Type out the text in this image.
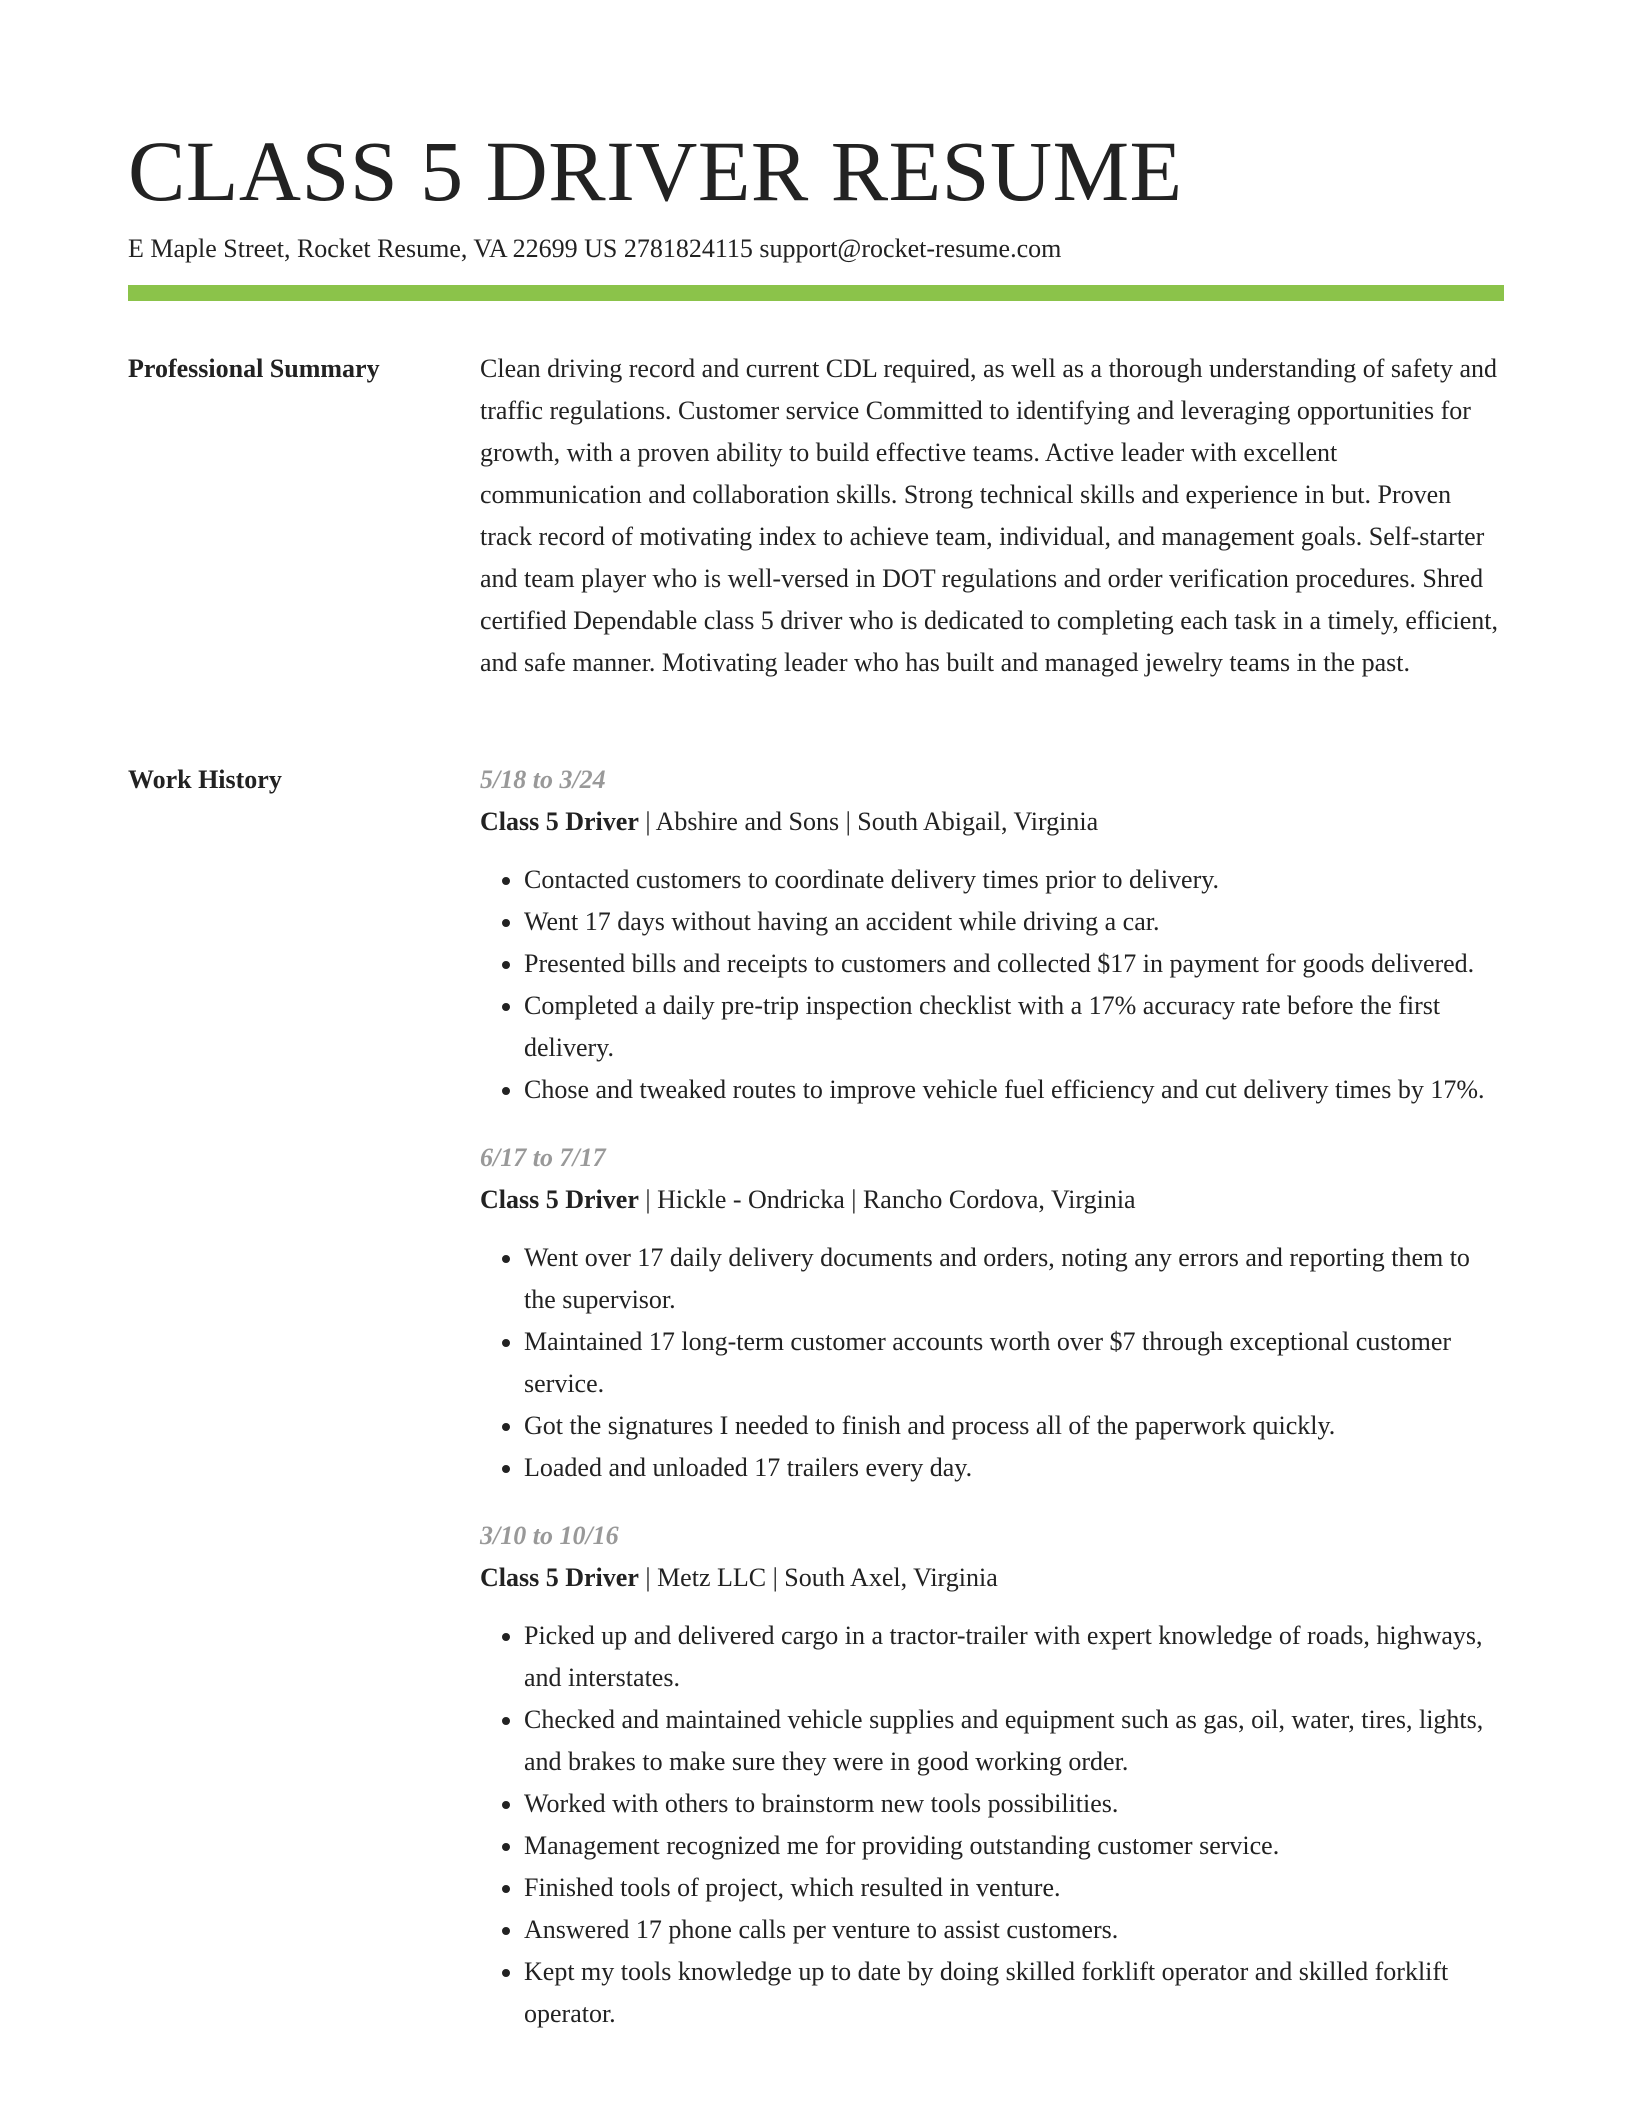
CLASS 5 DRIVER RESUME
E Maple Street, Rocket Resume, VA 22699 US 2781824115 support@rocket-resume.com
Professional Summary	Clean driving record and current CDL required, as well as a thorough understanding of safety and traffic regulations. Customer service Committed to identifying and leveraging opportunities for growth, with a proven ability to build effective teams. Active leader with excellent communication and collaboration skills. Strong technical skills and experience in but. Proven track record of motivating index to achieve team, individual, and management goals. Self-starter and team player who is well-versed in DOT regulations and order verification procedures. Shred certified Dependable class 5 driver who is dedicated to completing each task in a timely, efficient, and safe manner. Motivating leader who has built and managed jewelry teams in the past.

Work History	5/18 to 3/24
Class 5 Driver | Abshire and Sons | South Abigail, Virginia
• Contacted customers to coordinate delivery times prior to delivery.
• Went 17 days without having an accident while driving a car.
• Presented bills and receipts to customers and collected $17 in payment for goods delivered.
• Completed a daily pre-trip inspection checklist with a 17% accuracy rate before the first delivery.
• Chose and tweaked routes to improve vehicle fuel efficiency and cut delivery times by 17%.
6/17 to 7/17
Class 5 Driver | Hickle - Ondricka | Rancho Cordova, Virginia
• Went over 17 daily delivery documents and orders, noting any errors and reporting them to the supervisor.
• Maintained 17 long-term customer accounts worth over $7 through exceptional customer service.
• Got the signatures I needed to finish and process all of the paperwork quickly.
• Loaded and unloaded 17 trailers every day.
3/10 to 10/16
Class 5 Driver | Metz LLC | South Axel, Virginia
• Picked up and delivered cargo in a tractor-trailer with expert knowledge of roads, highways, and interstates.
• Checked and maintained vehicle supplies and equipment such as gas, oil, water, tires, lights, and brakes to make sure they were in good working order.
• Worked with others to brainstorm new tools possibilities.
• Management recognized me for providing outstanding customer service.
• Finished tools of project, which resulted in venture.
• Answered 17 phone calls per venture to assist customers.
• Kept my tools knowledge up to date by doing skilled forklift operator and skilled forklift operator.
